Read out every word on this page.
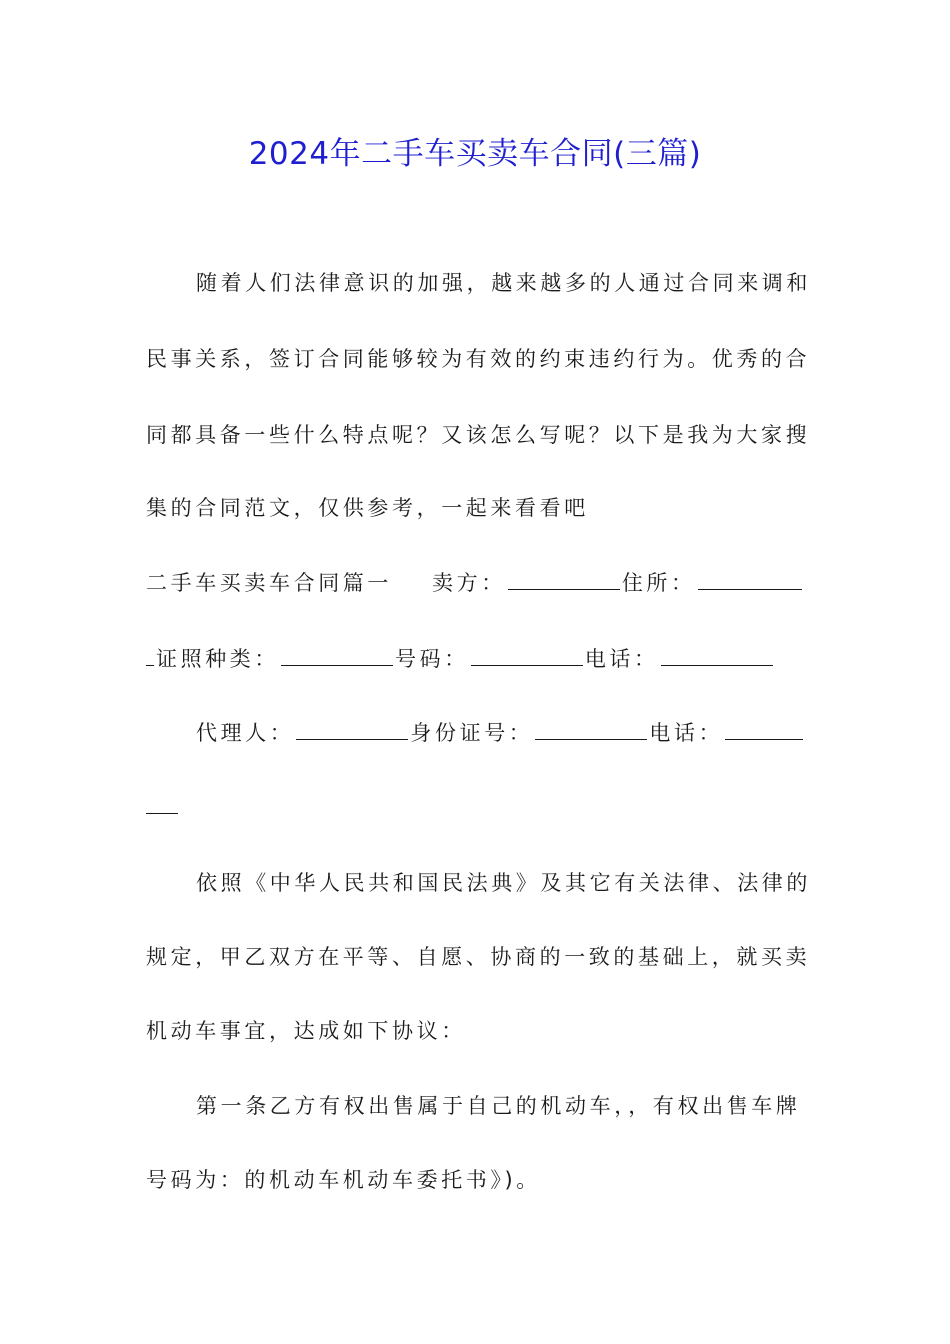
2024年二手车买卖车合同(三篇)
随着人们法律意识的加强，越来越多的人通过合同来调和
民事关系，签订合同能够较为有效的约束违约行为。优秀的合
同都具备一些什么特点呢？又该怎么写呢？以下是我为大家搜
集的合同范文，仅供参考，一起来看看吧
二手车买卖车合同篇一 卖方：	住所：
证照种类：	号码：	电话：
代理人：	身份证号：	电话：
依照《中华人民共和国民法典》及其它有关法律、法律的
规定，甲乙双方在平等、自愿、协商的一致的基础上，就买卖
机动车事宜，达成如下协议：
第一条乙方有权出售属于自己的机动车，，有权出售车牌
号码为：的机动车机动车委托书》)。
